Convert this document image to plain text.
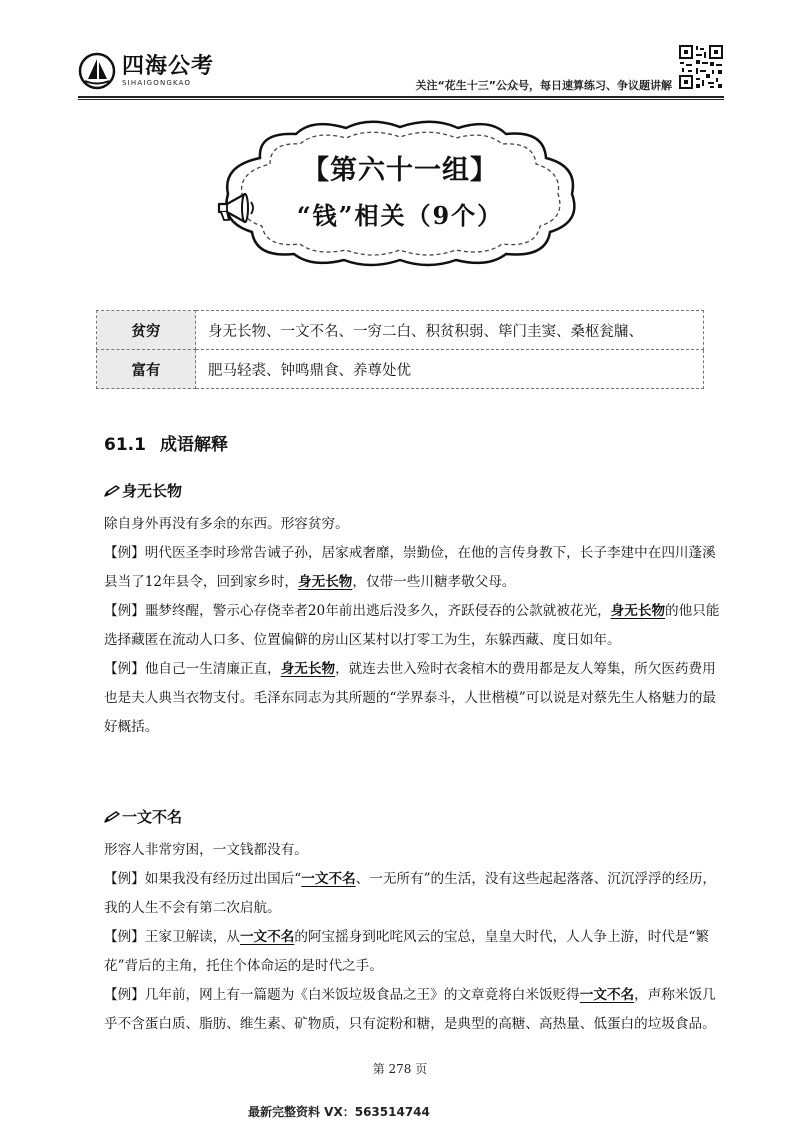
四海公考
SIHAIGONGKAO	关注“花生十三”公众号，每日速算练习、争议题讲解
【第六十一组】
“钱”相关（9个）
贫穷	身无长物、一文不名、一穷二白、积贫积弱、筚门圭窦、桑枢瓮牖、
富有	肥马轻裘、钟鸣鼎食、养尊处优
61.1 成语解释
身无长物

除自身外再没有多余的东西。形容贫穷。

【例】明代医圣李时珍常告诫子孙，居家戒奢靡，崇勤俭，在他的言传身教下，长子李建中在四川蓬溪县当了12年县令，回到家乡时，身无长物，仅带一些川糖孝敬父母。

【例】噩梦终醒，警示心存侥幸者20年前出逃后没多久，齐跃侵吞的公款就被花光，身无长物的他只能选择藏匿在流动人口多、位置偏僻的房山区某村以打零工为生，东躲西藏、度日如年。

【例】他自己一生清廉正直，身无长物，就连去世入殓时衣衾棺木的费用都是友人筹集，所欠医药费用也是夫人典当衣物支付。毛泽东同志为其所题的“学界泰斗，人世楷模”可以说是对蔡先生人格魅力的最好概括。

一文不名

形容人非常穷困，一文钱都没有。

【例】如果我没有经历过出国后“一文不名、一无所有”的生活，没有这些起起落落、沉沉浮浮的经历，我的人生不会有第二次启航。

【例】王家卫解读，从一文不名的阿宝摇身到叱咤风云的宝总，皇皇大时代，人人争上游，时代是“繁花”背后的主角，托住个体命运的是时代之手。

【例】几年前，网上有一篇题为《白米饭垃圾食品之王》的文章竟将白米饭贬得一文不名，声称米饭几乎不含蛋白质、脂肪、维生素、矿物质，只有淀粉和糖，是典型的高糖、高热量、低蛋白的垃圾食品。

第 278 页
最新完整资料 VX：563514744
